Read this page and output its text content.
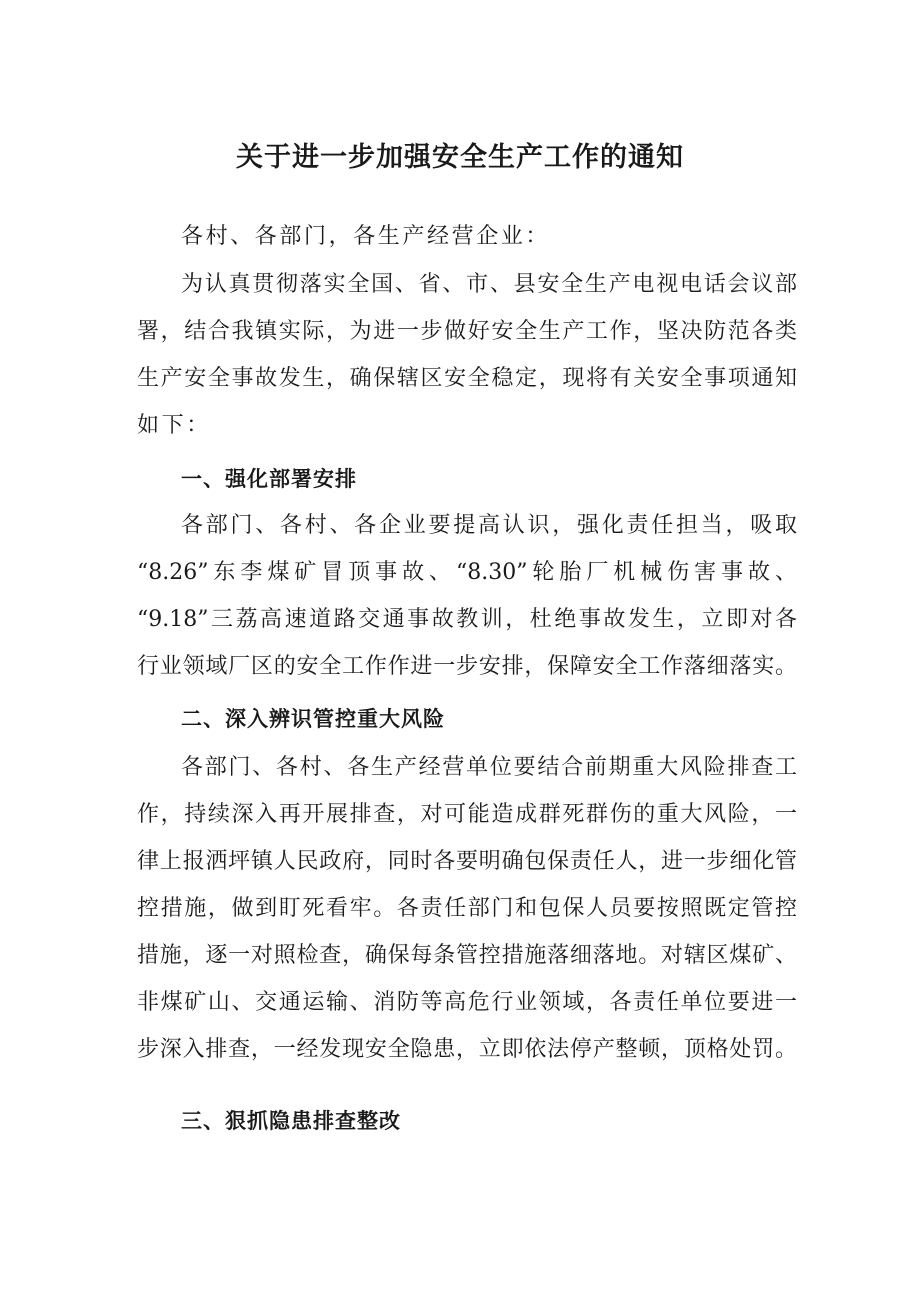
关于进一步加强安全生产工作的通知

各村、各部门，各生产经营企业：

为认真贯彻落实全国、省、市、县安全生产电视电话会议部

署，结合我镇实际，为进一步做好安全生产工作，坚决防范各类

生产安全事故发生，确保辖区安全稳定，现将有关安全事项通知

如下：

一、强化部署安排

各部门、各村、各企业要提高认识，强化责任担当，吸取

“8.26”东李煤矿冒顶事故、“8.30”轮胎厂机械伤害事故、

“9.18”三荔高速道路交通事故教训，杜绝事故发生，立即对各

行业领域厂区的安全工作作进一步安排，保障安全工作落细落实。

二、深入辨识管控重大风险

各部门、各村、各生产经营单位要结合前期重大风险排查工

作，持续深入再开展排查，对可能造成群死群伤的重大风险，一

律上报洒坪镇人民政府，同时各要明确包保责任人，进一步细化管

控措施，做到盯死看牢。各责任部门和包保人员要按照既定管控

措施，逐一对照检查，确保每条管控措施落细落地。对辖区煤矿、

非煤矿山、交通运输、消防等高危行业领域，各责任单位要进一

步深入排查，一经发现安全隐患，立即依法停产整顿，顶格处罚。

三、狠抓隐患排查整改
